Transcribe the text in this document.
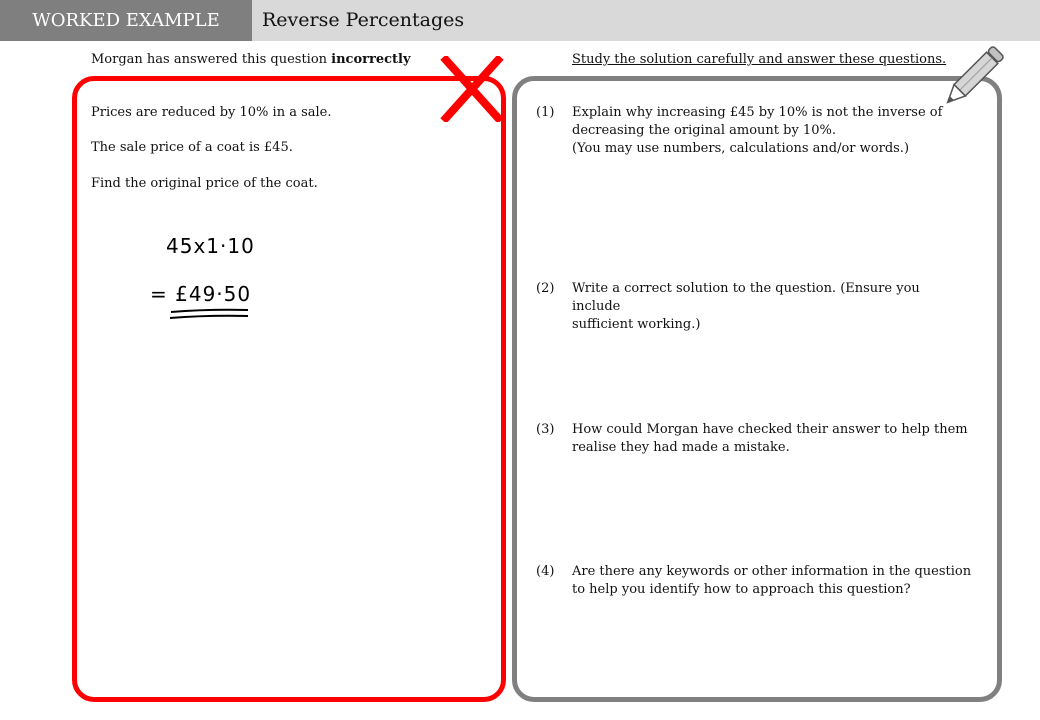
WORKED EXAMPLE	Reverse Percentages
Morgan has answered this question incorrectly	Study the solution carefully and answer these questions.
Prices are reduced by 10% in a sale.
The sale price of a coat is £45.
Find the original price of the coat.
45x1·10
= £49·50
(1) Explain why increasing £45 by 10% is not the inverse of
decreasing the original amount by 10%.
(You may use numbers, calculations and/or words.)
(2) Write a correct solution to the question. (Ensure you include
sufficient working.)
(3) How could Morgan have checked their answer to help them
realise they had made a mistake.
(4) Are there any keywords or other information in the question
to help you identify how to approach this question?
